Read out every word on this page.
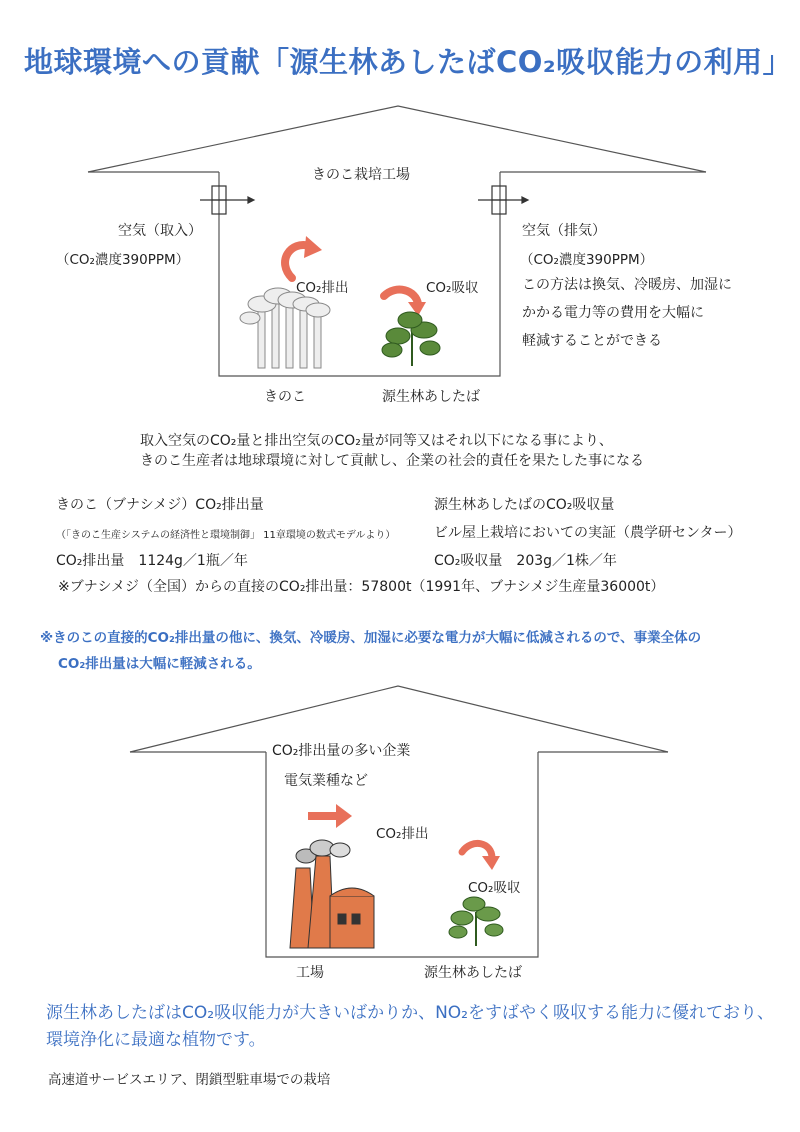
地球環境への貢献「源生林あしたばCO₂吸収能力の利用」
きのこ栽培工場
空気（取入）
（CO₂濃度390PPM）
空気（排気）
（CO₂濃度390PPM）
この方法は換気、冷暖房、加湿に
かかる電力等の費用を大幅に
軽減することができる
CO₂排出	CO₂吸収
きのこ	源生林あしたば
取入空気のCO₂量と排出空気のCO₂量が同等又はそれ以下になる事により、
きのこ生産者は地球環境に対して貢献し、企業の社会的責任を果たした事になる
きのこ（ブナシメジ）CO₂排出量
（「きのこ生産システムの経済性と環境制御」 11章環境の数式モデルより）
CO₂排出量　1124g／1瓶／年
源生林あしたばのCO₂吸収量
ビル屋上栽培においての実証（農学研センター）
CO₂吸収量　203g／1株／年
※ブナシメジ（全国）からの直接のCO₂排出量：57800t（1991年、ブナシメジ生産量36000t）
※きのこの直接的CO₂排出量の他に、換気、冷暖房、加湿に必要な電力が大幅に低減されるので、事業全体の
CO₂排出量は大幅に軽減される。
CO₂排出量の多い企業
電気業種など
CO₂排出
CO₂吸収
工場	源生林あしたば
源生林あしたばはCO₂吸収能力が大きいばかりか、NO₂をすばやく吸収する能力に優れており、環境浄化に最適な植物です。
高速道サービスエリア、閉鎖型駐車場での栽培
